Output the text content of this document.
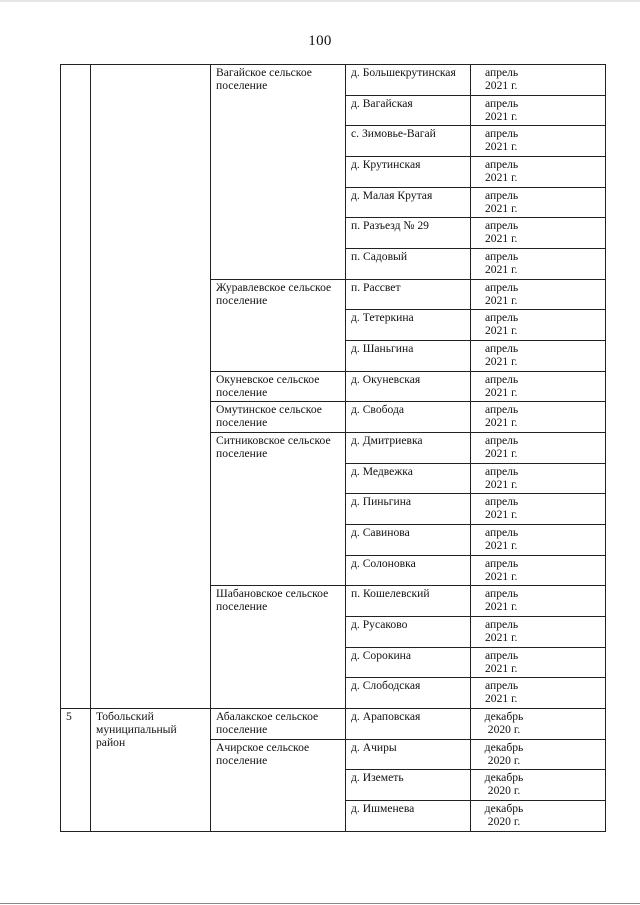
100
		Вагайское сельское поселение	д. Большекрутинская	апрель
2021 г.

			д. Вагайская	апрель
2021 г.

			с. Зимовье-Вагай	апрель
2021 г.

			д. Крутинская	апрель
2021 г.

			д. Малая Крутая	апрель
2021 г.

			п. Разъезд № 29	апрель
2021 г.

			п. Садовый	апрель
2021 г.

		Журавлевское сельское поселение	п. Рассвет	апрель
2021 г.

			д. Тетеркина	апрель
2021 г.

			д. Шаньгина	апрель
2021 г.

		Окуневское сельское поселение	д. Окуневская	апрель
2021 г.

		Омутинское сельское поселение	д. Свобода	апрель
2021 г.

		Ситниковское сельское поселение	д. Дмитриевка	апрель
2021 г.

			д. Медвежка	апрель
2021 г.

			д. Пиньгина	апрель
2021 г.

			д. Савинова	апрель
2021 г.

			д. Солоновка	апрель
2021 г.

		Шабановское сельское поселение	п. Кошелевский	апрель
2021 г.

			д. Русаково	апрель
2021 г.

			д. Сорокина	апрель
2021 г.

			д. Слободская	апрель
2021 г.

5	Тобольский муниципальный район	Абалакское сельское поселение	д. Араповская	декабрь
2020 г.

		Ачирское сельское поселение	д. Ачиры	декабрь
2020 г.

			д. Иземеть	декабрь
2020 г.

			д. Ишменева	декабрь
2020 г.
